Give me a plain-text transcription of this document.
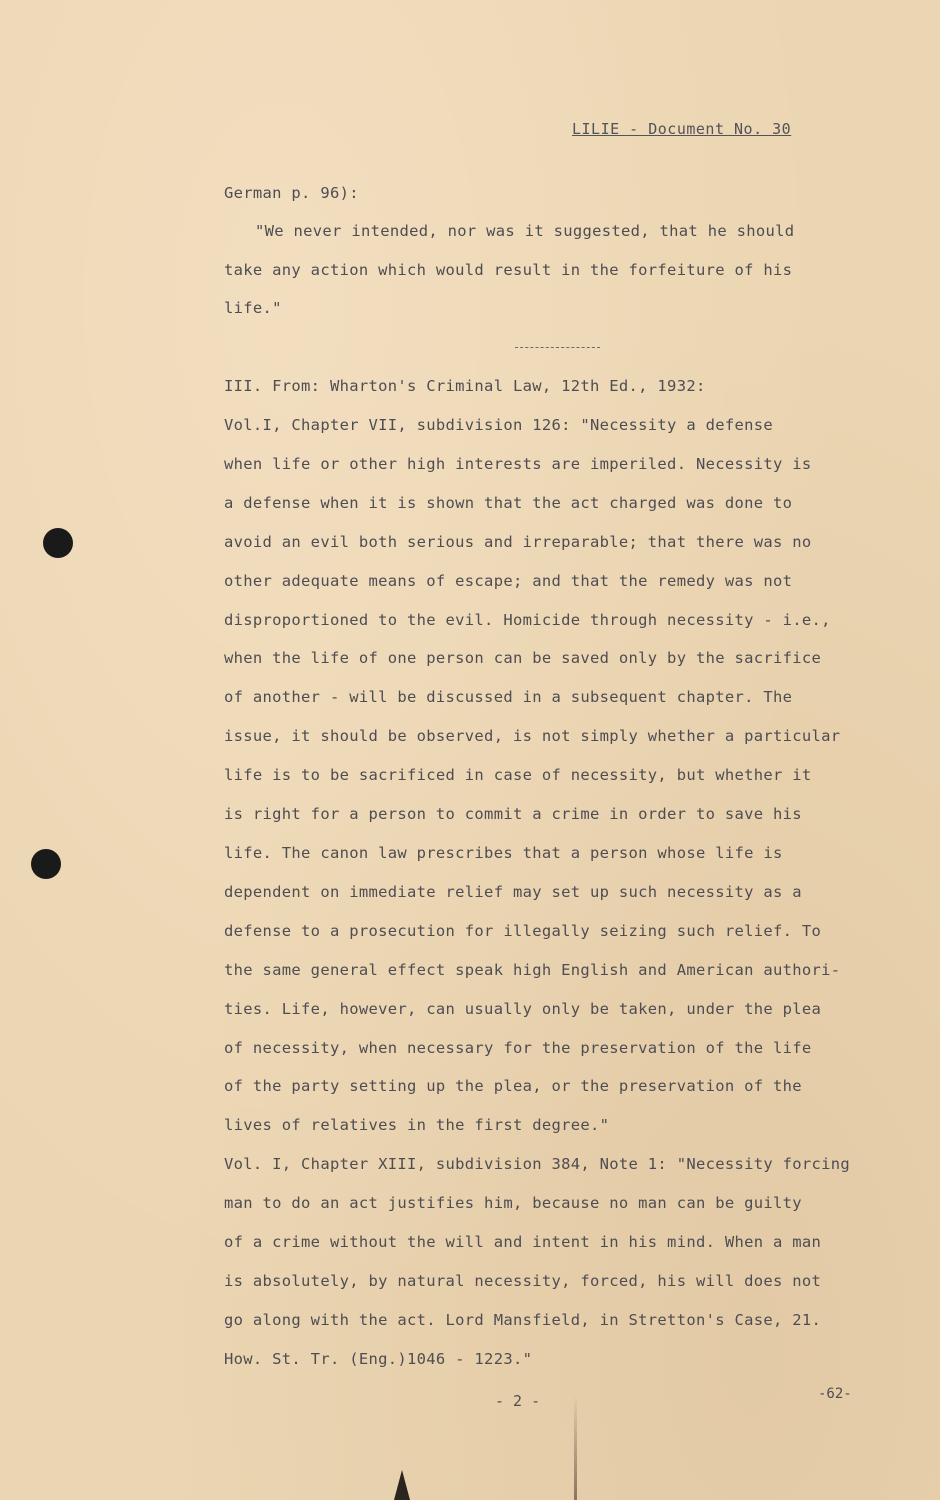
LILIE - Document No. 30
German p. 96):
"We never intended, nor was it suggested, that he should
take any action which would result in the forfeiture of his
life."
III. From: Wharton's Criminal Law, 12th Ed., 1932:
Vol.I, Chapter VII, subdivision 126: "Necessity a defense
when life or other high interests are imperiled. Necessity is
a defense when it is shown that the act charged was done to
avoid an evil both serious and irreparable; that there was no
other adequate means of escape; and that the remedy was not
disproportioned to the evil. Homicide through necessity - i.e.,
when the life of one person can be saved only by the sacrifice
of another - will be discussed in a subsequent chapter. The
issue, it should be observed, is not simply whether a particular
life is to be sacrificed in case of necessity, but whether it
is right for a person to commit a crime in order to save his
life. The canon law prescribes that a person whose life is
dependent on immediate relief may set up such necessity as a
defense to a prosecution for illegally seizing such relief. To
the same general effect speak high English and American authori-
ties. Life, however, can usually only be taken, under the plea
of necessity, when necessary for the preservation of the life
of the party setting up the plea, or the preservation of the
lives of relatives in the first degree."
Vol. I, Chapter XIII, subdivision 384, Note 1: "Necessity forcing
man to do an act justifies him, because no man can be guilty
of a crime without the will and intent in his mind. When a man
is absolutely, by natural necessity, forced, his will does not
go along with the act. Lord Mansfield, in Stretton's Case, 21.
How. St. Tr. (Eng.)1046 - 1223."
- 2 -	-62-
